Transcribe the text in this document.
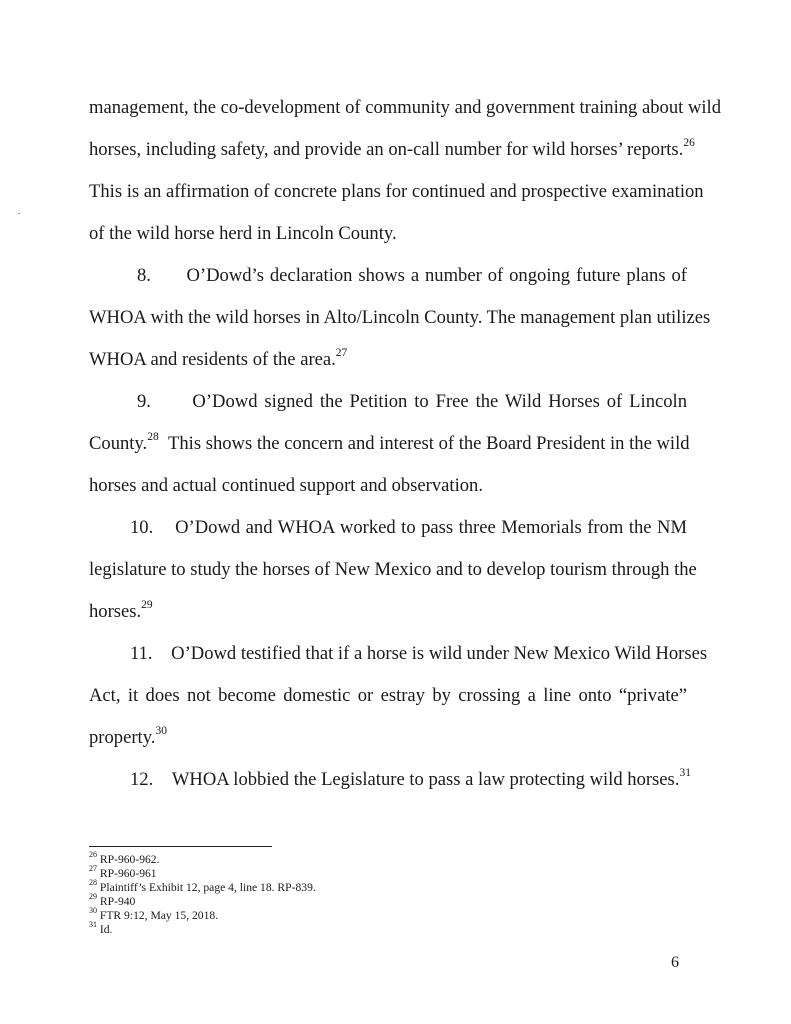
management, the co-development of community and government training about wild
horses, including safety, and provide an on-call number for wild horses’ reports.$^{26}$
This is an affirmation of concrete plans for continued and prospective examination
of the wild horse herd in Lincoln County.
8.      O’Dowd’s declaration shows a number of ongoing future plans of
WHOA with the wild horses in Alto/Lincoln County. The management plan utilizes
WHOA and residents of the area.$^{27}$
9.      O’Dowd signed the Petition to Free the Wild Horses of Lincoln
County.$^{28}$  This shows the concern and interest of the Board President in the wild
horses and actual continued support and observation.
10.    O’Dowd and WHOA worked to pass three Memorials from the NM
legislature to study the horses of New Mexico and to develop tourism through the
horses.$^{29}$
11.    O’Dowd testified that if a horse is wild under New Mexico Wild Horses
Act, it does not become domestic or estray by crossing a line onto “private”
property.$^{30}$
12.    WHOA lobbied the Legislature to pass a law protecting wild horses.$^{31}$
$^{26}$ RP-960-962.
$^{27}$ RP-960-961
$^{28}$ Plaintiff’s Exhibit 12, page 4, line 18. RP-839.
$^{29}$ RP-940
$^{30}$ FTR 9:12, May 15, 2018.
$^{31}$ Id.
6
